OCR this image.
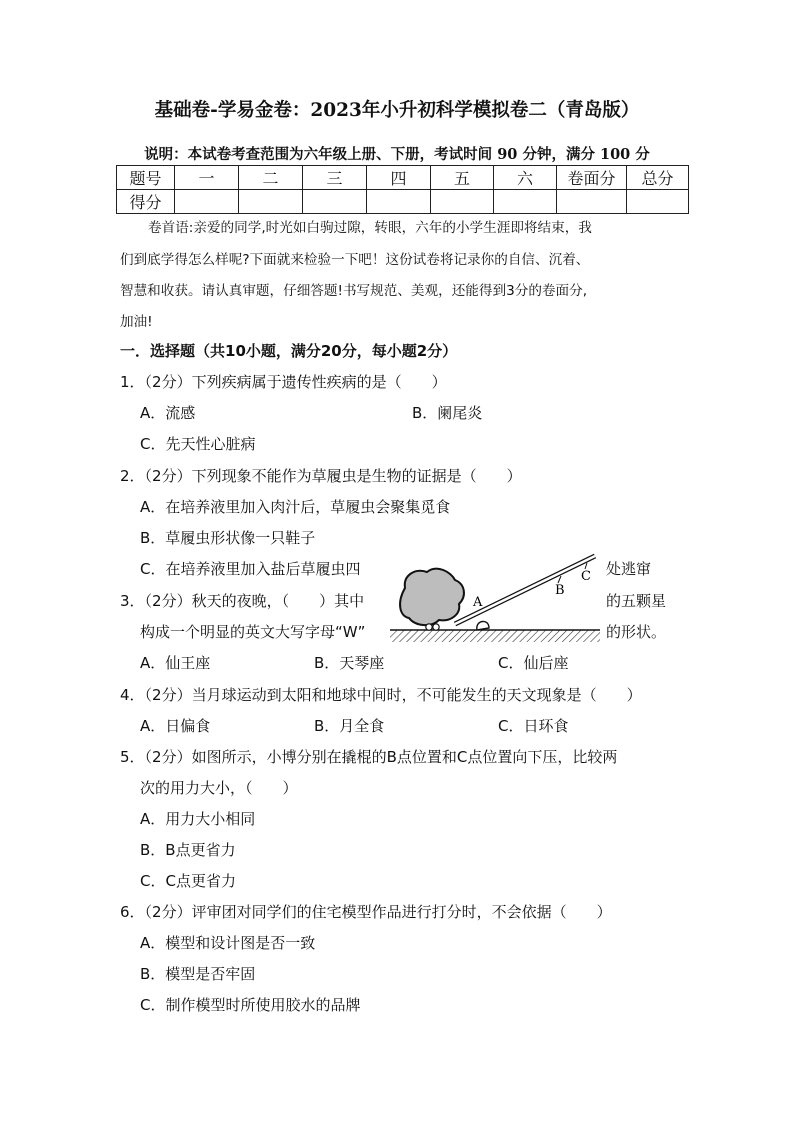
基础卷-学易金卷：2023年小升初科学模拟卷二（青岛版）
说明：本试卷考查范围为六年级上册、下册，考试时间 90 分钟，满分 100 分
题号	一	二	三	四	五	六	卷面分	总分
得分								
卷首语:亲爱的同学,时光如白驹过隙，转眼，六年的小学生涯即将结束，我
们到底学得怎么样呢?下面就来检验一下吧！这份试卷将记录你的自信、沉着、
智慧和收获。请认真审题，仔细答题!书写规范、美观，还能得到3分的卷面分,
加油!
一．选择题（共10小题，满分20分，每小题2分）
1．（2分）下列疾病属于遗传性疾病的是（　　）
A．流感	B．阑尾炎
C．先天性心脏病
2．（2分）下列现象不能作为草履虫是生物的证据是（　　）
A．在培养液里加入肉汁后，草履虫会聚集觅食
B．草履虫形状像一只鞋子
C．在培养液里加入盐后草履虫四	处逃窜
3．（2分）秋天的夜晚，（　　）其中	的五颗星
构成一个明显的英文大写字母“W”	的形状。
A．仙王座	B．天琴座	C．仙后座
A
B
C
4．（2分）当月球运动到太阳和地球中间时，不可能发生的天文现象是（　　）
A．日偏食	B．月全食	C．日环食
5．（2分）如图所示，小博分别在撬棍的B点位置和C点位置向下压，比较两
次的用力大小，（　　）
A．用力大小相同
B．B点更省力
C．C点更省力
6．（2分）评审团对同学们的住宅模型作品进行打分时，不会依据（　　）
A．模型和设计图是否一致
B．模型是否牢固
C．制作模型时所使用胶水的品牌
